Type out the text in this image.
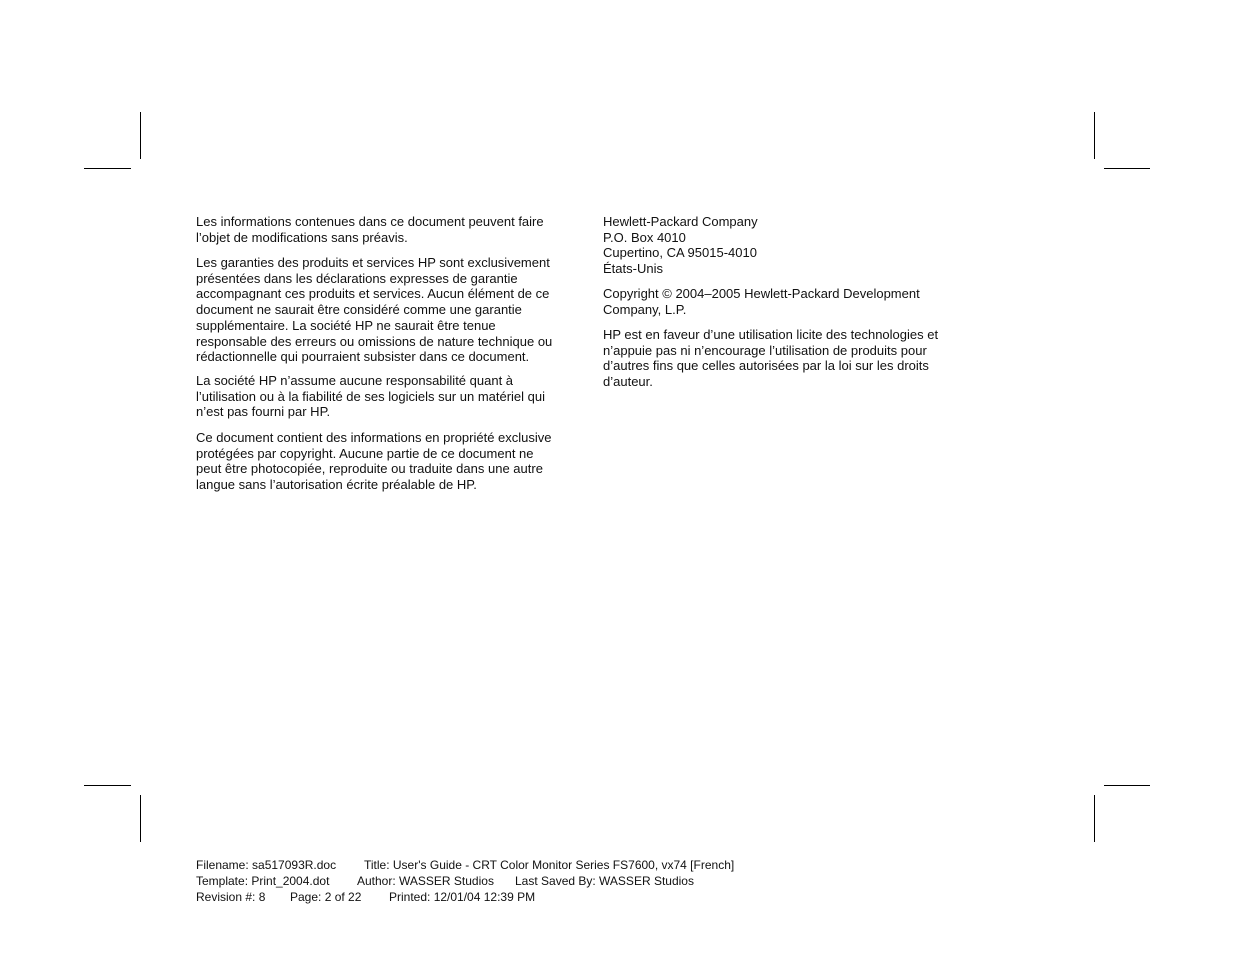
Les informations contenues dans ce document peuvent faire
l’objet de modifications sans préavis.
Les garanties des produits et services HP sont exclusivement
présentées dans les déclarations expresses de garantie
accompagnant ces produits et services. Aucun élément de ce
document ne saurait être considéré comme une garantie
supplémentaire. La société HP ne saurait être tenue
responsable des erreurs ou omissions de nature technique ou
rédactionnelle qui pourraient subsister dans ce document.
La société HP n’assume aucune responsabilité quant à
l’utilisation ou à la fiabilité de ses logiciels sur un matériel qui
n’est pas fourni par HP.
Ce document contient des informations en propriété exclusive
protégées par copyright. Aucune partie de ce document ne
peut être photocopiée, reproduite ou traduite dans une autre
langue sans l’autorisation écrite préalable de HP.
Hewlett-Packard Company
P.O. Box 4010
Cupertino, CA 95015-4010
États-Unis
Copyright © 2004–2005 Hewlett-Packard Development
Company, L.P.
HP est en faveur d’une utilisation licite des technologies et
n’appuie pas ni n’encourage l’utilisation de produits pour
d’autres fins que celles autorisées par la loi sur les droits
d’auteur.
Filename: sa517093R.doc Title: User's Guide - CRT Color Monitor Series FS7600, vx74 [French]
Template: Print_2004.dot Author: WASSER Studios Last Saved By: WASSER Studios
Revision #: 8 Page: 2 of 22 Printed: 12/01/04 12:39 PM
